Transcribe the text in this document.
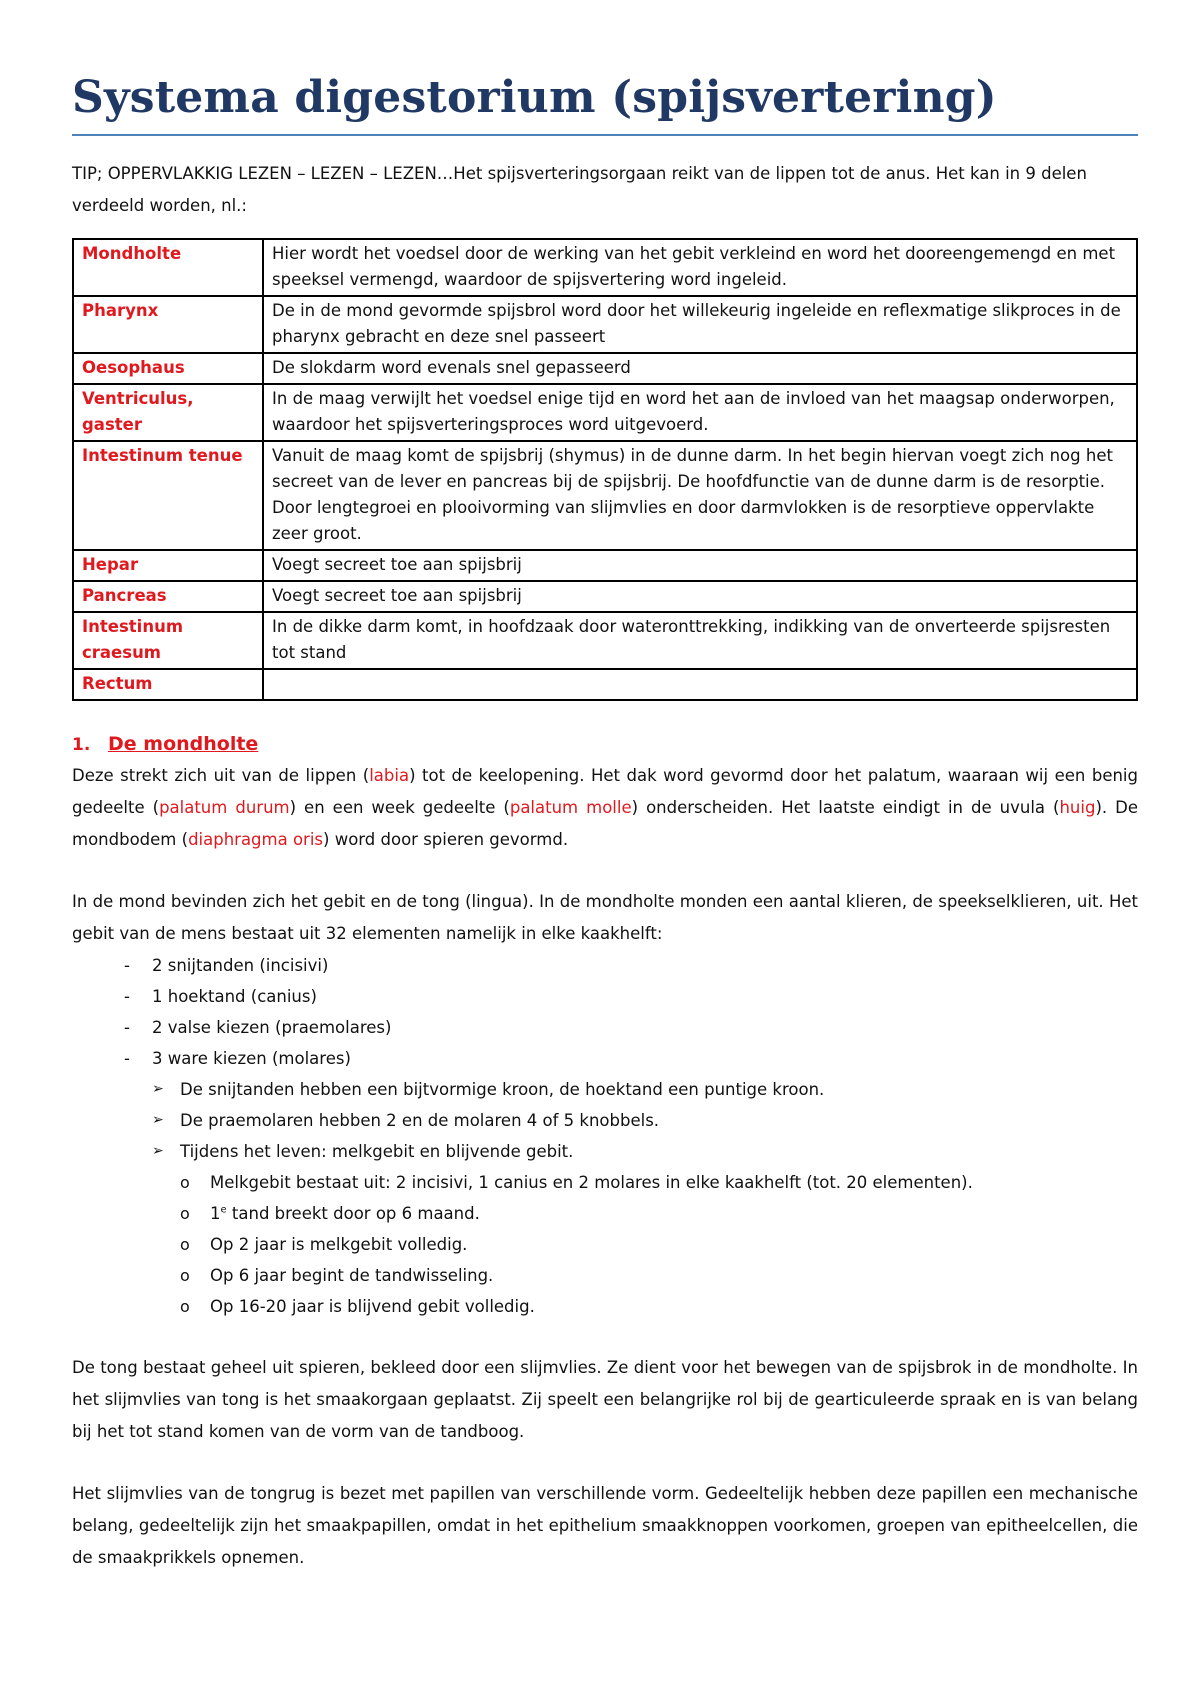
Systema digestorium (spijsvertering)
TIP; OPPERVLAKKIG LEZEN – LEZEN – LEZEN…Het spijsverteringsorgaan reikt van de lippen tot de anus. Het kan in 9 delen verdeeld worden, nl.:
Mondholte	Hier wordt het voedsel door de werking van het gebit verkleind en word het dooreengemengd en met speeksel vermengd, waardoor de spijsvertering word ingeleid.
Pharynx	De in de mond gevormde spijsbrol word door het willekeurig ingeleide en reflexmatige slikproces in de pharynx gebracht en deze snel passeert
Oesophaus	De slokdarm word evenals snel gepasseerd
Ventriculus, gaster	In de maag verwijlt het voedsel enige tijd en word het aan de invloed van het maagsap onderworpen, waardoor het spijsverteringsproces word uitgevoerd.
Intestinum tenue	Vanuit de maag komt de spijsbrij (shymus) in de dunne darm. In het begin hiervan voegt zich nog het secreet van de lever en pancreas bij de spijsbrij. De hoofdfunctie van de dunne darm is de resorptie. Door lengtegroei en plooivorming van slijmvlies en door darmvlokken is de resorptieve oppervlakte zeer groot.
Hepar	Voegt secreet toe aan spijsbrij
Pancreas	Voegt secreet toe aan spijsbrij
Intestinum craesum	In de dikke darm komt, in hoofdzaak door wateronttrekking, indikking van de onverteerde spijsresten tot stand
Rectum	
1. De mondholte

Deze strekt zich uit van de lippen (labia) tot de keelopening. Het dak word gevormd door het palatum, waaraan wij een benig gedeelte (palatum durum) en een week gedeelte (palatum molle) onderscheiden. Het laatste eindigt in de uvula (huig). De mondbodem (diaphragma oris) word door spieren gevormd.

In de mond bevinden zich het gebit en de tong (lingua). In de mondholte monden een aantal klieren, de speekselklieren, uit. Het gebit van de mens bestaat uit 32 elementen namelijk in elke kaakhelft:

- 2 snijtanden (incisivi)
- 1 hoektand (canius)
- 2 valse kiezen (praemolares)
- 3 ware kiezen (molares)
➢ De snijtanden hebben een bijtvormige kroon, de hoektand een puntige kroon.
➢ De praemolaren hebben 2 en de molaren 4 of 5 knobbels.
➢ Tijdens het leven: melkgebit en blijvende gebit.
o Melkgebit bestaat uit: 2 incisivi, 1 canius en 2 molares in elke kaakhelft (tot. 20 elementen).
o 1e tand breekt door op 6 maand.
o Op 2 jaar is melkgebit volledig.
o Op 6 jaar begint de tandwisseling.
o Op 16-20 jaar is blijvend gebit volledig.

De tong bestaat geheel uit spieren, bekleed door een slijmvlies. Ze dient voor het bewegen van de spijsbrok in de mondholte. In het slijmvlies van tong is het smaakorgaan geplaatst. Zij speelt een belangrijke rol bij de gearticuleerde spraak en is van belang bij het tot stand komen van de vorm van de tandboog.

Het slijmvlies van de tongrug is bezet met papillen van verschillende vorm. Gedeeltelijk hebben deze papillen een mechanische belang, gedeeltelijk zijn het smaakpapillen, omdat in het epithelium smaakknoppen voorkomen, groepen van epitheelcellen, die de smaakprikkels opnemen.
